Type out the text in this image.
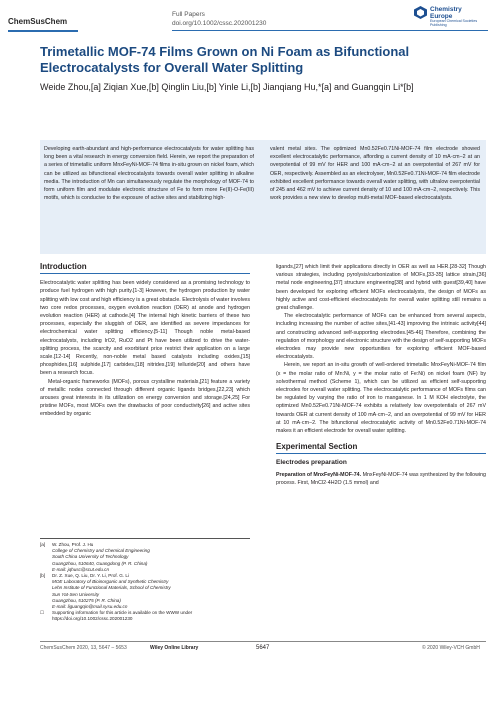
ChemSusChem
Full Papers
doi.org/10.1002/cssc.202001230
Chemistry
Europe
European Chemical Societies Publishing
Trimetallic MOF-74 Films Grown on Ni Foam as Bifunctional Electrocatalysts for Overall Water Splitting
Weide Zhou,[a] Ziqian Xue,[b] Qinglin Liu,[b] Yinle Li,[b] Jianqiang Hu,*[a] and Guangqin Li*[b]
Developing earth-abundant and high-performance electrocatalysts for water splitting has long been a vital research in energy conversion field. Herein, we report the preparation of a series of trimetallic uniform MnxFeyNi-MOF-74 films in-situ grown on nickel foam, which can be utilized as bifunctional electrocatalysts towards overall water splitting in alkaline media. The introduction of Mn can simultaneously regulate the morphology of MOF-74 to form uniform film and modulate electronic structure of Fe to form more Fe(II)-O-Fe(III) motifs, which is conducive to the exposure of active sites and stabilizing high-
valent metal sites. The optimized Mn0.52Fe0.71Ni-MOF-74 film electrode showed excellent electrocatalytic performance, affording a current density of 10 mA·cm−2 at an overpotential of 99 mV for HER and 100 mA·cm−2 at an overpotential of 267 mV for OER, respectively. Assembled as an electrolyser, Mn0.52Fe0.71Ni-MOF-74 film electrode exhibited excellent performance towards overall water splitting, with ultralow overpotential of 245 and 462 mV to achieve current density of 10 and 100 mA·cm−2, respectively. This work provides a new view to develop multi-metal MOF-based electrocatalysts.
Introduction

Electrocatalytic water splitting has been widely considered as a promising technology to produce fuel hydrogen with high purity.[1-3] However, the hydrogen production by water splitting with low cost and high efficiency is a great obstacle. Electrolysis of water involves two core redox processes, oxygen evolution reaction (OER) at anode and hydrogen evolution reaction (HER) at cathode.[4] The internal high kinetic barriers of these two processes, especially the sluggish of OER, are identified as severe impedances for electrochemical water splitting efficiency.[5-11] Though noble metal-based electrocatalysts, including IrO2, RuO2 and Pt have been utilized to drive the water-splitting process, the scarcity and exorbitant price restrict their application on a large scale.[12-14] Recently, non-noble metal based catalysts including oxides,[15] phosphides,[16] sulphide,[17] carbides,[18] nitrides,[19] telluride[20] and others have been a research focus.

Metal-organic frameworks (MOFs), porous crystalline materials,[21] feature a variety of metallic nodes connected through different organic ligands bridges,[22,23] which arouses great interests in its utilization on energy conversion and storage.[24,25] For pristine MOFs, most MOFs own the drawbacks of poor conductivity[26] and active sites embedded by organic

ligands,[27] which limit their applications directly in OER as well as HER.[28-32] Though various strategies, including pyrolysis/carbonization of MOFs,[33-35] lattice strain,[36] metal node engineering,[37] structure engineering[38] and hybrid with guest[39,40] have been developed for exploring efficient MOFs electrocatalysts, the design of MOFs as highly active and cost-efficient electrocatalysts for overall water splitting still remains a great challenge.

The electrocatalytic performance of MOFs can be enhanced from several aspects, including increasing the number of active sites,[41-43] improving the intrinsic activity[44] and constructing advanced self-supporting electrodes.[45-46] Therefore, combining the regulation of morphology and electronic structure with the design of self-supporting MOFs electrodes may provide new opportunities for exploring efficient MOF-based electrocatalysts.

Herein, we report an in-situ growth of well-ordered trimetallic MnxFeyNi-MOF-74 film (x = the molar ratio of Mn:Ni, y = the molar ratio of Fe:Ni) on nickel foam (NF) by solvothermal method (Scheme 1), which can be utilized as efficient self-supporting electrodes for overall water splitting. The electrocatalytic performance of MOFs films can be regulated by varying the ratio of iron to manganese. In 1 M KOH electrolyte, the optimized Mn0.52Fe0.71Ni-MOF-74 exhibits a relatively low overpotentials of 267 mV towards OER at current density of 100 mA·cm−2, and an overpotential of 99 mV for HER at 10 mA·cm−2. The bifunctional electrocatalytic activity of Mn0.52Fe0.71Ni-MOF-74 makes it an efficient electrode for overall water splitting.

Experimental Section
Electrodes preparation

Preparation of MnxFeyNi-MOF-74. MnxFeyNi-MOF-74 was synthesized by the following process. First, MnCl2·4H2O (1.5 mmol) and

[a]	W. Zhou, Prof. J. Hu
College of Chemistry and Chemical Engineering
South China University of Technology
Guangzhou, 510640, Guangdong (P. R. China)
E-mail: jqhusc@scut.edu.cn
[b]	Dr. Z. Xue, Q. Liu, Dr. Y. Li, Prof. G. Li
MOE Laboratory of Bioinorganic and Synthetic Chemistry
Lehn Institute of Functional Materials, School of Chemistry
Sun Yat-Sen University
Guangzhou, 510275 (P. R. China)
E-mail: liguangqin@mail.sysu.edu.cn
☐	Supporting information for this article is available on the WWW under https://doi.org/10.1002/cssc.202001230
ChemSusChem 2020, 13, 5647 – 5653	Wiley Online Library	5647	© 2020 Wiley-VCH GmbH
